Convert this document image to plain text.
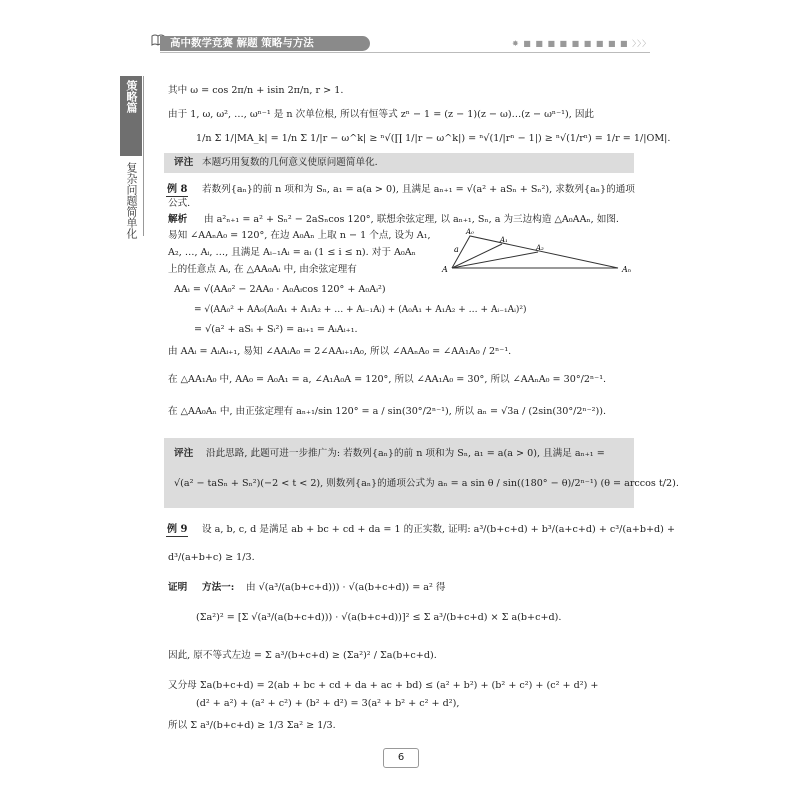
高中数学竞赛 解题 策略与方法	✸ ■ ■ ■ ■ ■ ■ ■ ■ ■ 〉〉〉
策略篇
复杂问题简单化
其中 ω = cos 2π/n + isin 2π/n, r > 1.
由于 1, ω, ω², …, ωⁿ⁻¹ 是 n 次单位根, 所以有恒等式 zⁿ − 1 = (z − 1)(z − ω)…(z − ωⁿ⁻¹), 因此
1/n Σ 1/|MA_k| = 1/n Σ 1/|r − ω^k| ≥ ⁿ√(∏ 1/|r − ω^k|) = ⁿ√(1/|rⁿ − 1|) ≥ ⁿ√(1/rⁿ) = 1/r = 1/|OM|.
评注 本题巧用复数的几何意义使原问题简单化.
例 8 若数列{aₙ}的前 n 项和为 Sₙ, a₁ = a(a > 0), 且满足 aₙ₊₁ = √(a² + aSₙ + Sₙ²), 求数列{aₙ}的通项
公式.
解析 由 a²ₙ₊₁ = a² + Sₙ² − 2aSₙcos 120°, 联想余弦定理, 以 aₙ₊₁, Sₙ, a 为三边构造 △A₀AAₙ, 如图.
易知 ∠AAₙA₀ = 120°, 在边 A₀Aₙ 上取 n − 1 个点, 设为 A₁,
A₂, …, Aᵢ, …, 且满足 Aᵢ₋₁Aᵢ = aᵢ (1 ≤ i ≤ n). 对于 A₀Aₙ
上的任意点 Aᵢ, 在 △AA₀Aᵢ 中, 由余弦定理有
AAᵢ = √(AA₀² − 2AA₀ · A₀Aᵢcos 120° + A₀Aᵢ²)
= √(AA₀² + AA₀(A₀A₁ + A₁A₂ + … + Aᵢ₋₁Aᵢ) + (A₀A₁ + A₁A₂ + … + Aᵢ₋₁Aᵢ)²)
= √(a² + aSᵢ + Sᵢ²) = aᵢ₊₁ = AᵢAᵢ₊₁.
由 AAᵢ = AᵢAᵢ₊₁, 易知 ∠AAᵢA₀ = 2∠AAᵢ₊₁A₀, 所以 ∠AAₙA₀ = ∠AA₁A₀ / 2ⁿ⁻¹.
在 △AA₁A₀ 中, AA₀ = A₀A₁ = a, ∠A₁A₀A = 120°, 所以 ∠AA₁A₀ = 30°, 所以 ∠AAₙA₀ = 30°/2ⁿ⁻¹.
在 △AA₀Aₙ 中, 由正弦定理有 aₙ₊₁/sin 120° = a / sin(30°/2ⁿ⁻¹), 所以 aₙ = √3a / (2sin(30°/2ⁿ⁻²)).
A
A₀
A₁
A₂
Aₙ
a
评注 沿此思路, 此题可进一步推广为: 若数列{aₙ}的前 n 项和为 Sₙ, a₁ = a(a > 0), 且满足 aₙ₊₁ =
√(a² − taSₙ + Sₙ²)(−2 < t < 2), 则数列{aₙ}的通项公式为 aₙ = a sin θ / sin((180° − θ)/2ⁿ⁻¹) (θ = arccos t/2).
例 9 设 a, b, c, d 是满足 ab + bc + cd + da = 1 的正实数, 证明: a³/(b+c+d) + b³/(a+c+d) + c³/(a+b+d) +
d³/(a+b+c) ≥ 1/3.
证明 方法一: 由 √(a³/(a(b+c+d))) · √(a(b+c+d)) = a² 得
(Σa²)² = [Σ √(a³/(a(b+c+d))) · √(a(b+c+d))]² ≤ Σ a³/(b+c+d) × Σ a(b+c+d).
因此, 原不等式左边 = Σ a³/(b+c+d) ≥ (Σa²)² / Σa(b+c+d).
又分母 Σa(b+c+d) = 2(ab + bc + cd + da + ac + bd) ≤ (a² + b²) + (b² + c²) + (c² + d²) +
(d² + a²) + (a² + c²) + (b² + d²) = 3(a² + b² + c² + d²),
所以 Σ a³/(b+c+d) ≥ 1/3 Σa² ≥ 1/3.
6
